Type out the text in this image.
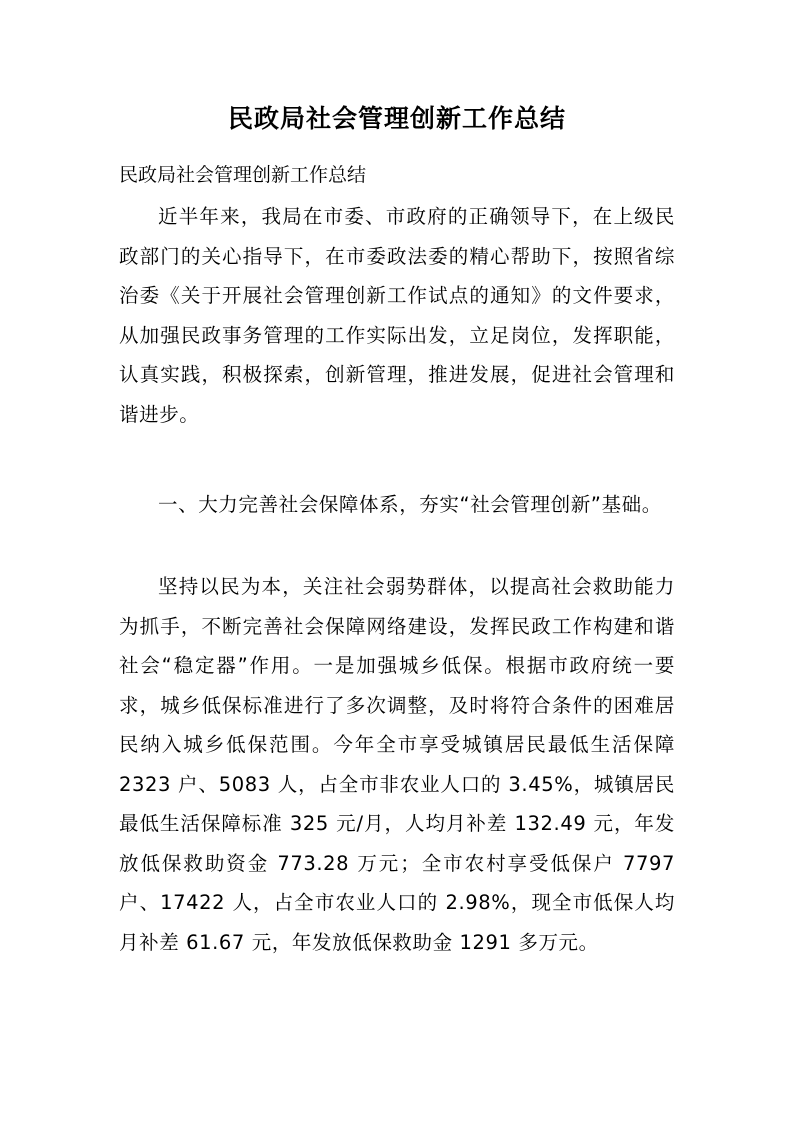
民政局社会管理创新工作总结
民政局社会管理创新工作总结

近半年来，我局在市委、市政府的正确领导下，在上级民政部门的关心指导下，在市委政法委的精心帮助下，按照省综治委《关于开展社会管理创新工作试点的通知》的文件要求，从加强民政事务管理的工作实际出发，立足岗位，发挥职能，认真实践，积极探索，创新管理，推进发展，促进社会管理和谐进步。

一、大力完善社会保障体系，夯实“社会管理创新”基础。

坚持以民为本，关注社会弱势群体，以提高社会救助能力为抓手，不断完善社会保障网络建设，发挥民政工作构建和谐社会“稳定器”作用。一是加强城乡低保。根据市政府统一要求，城乡低保标准进行了多次调整，及时将符合条件的困难居民纳入城乡低保范围。今年全市享受城镇居民最低生活保障 2323 户、5083 人，占全市非农业人口的 3.45%，城镇居民最低生活保障标准 325 元/月，人均月补差 132.49 元，年发放低保救助资金 773.28 万元；全市农村享受低保户 7797 户、17422 人，占全市农业人口的 2.98%，现全市低保人均月补差 61.67 元，年发放低保救助金 1291 多万元。
